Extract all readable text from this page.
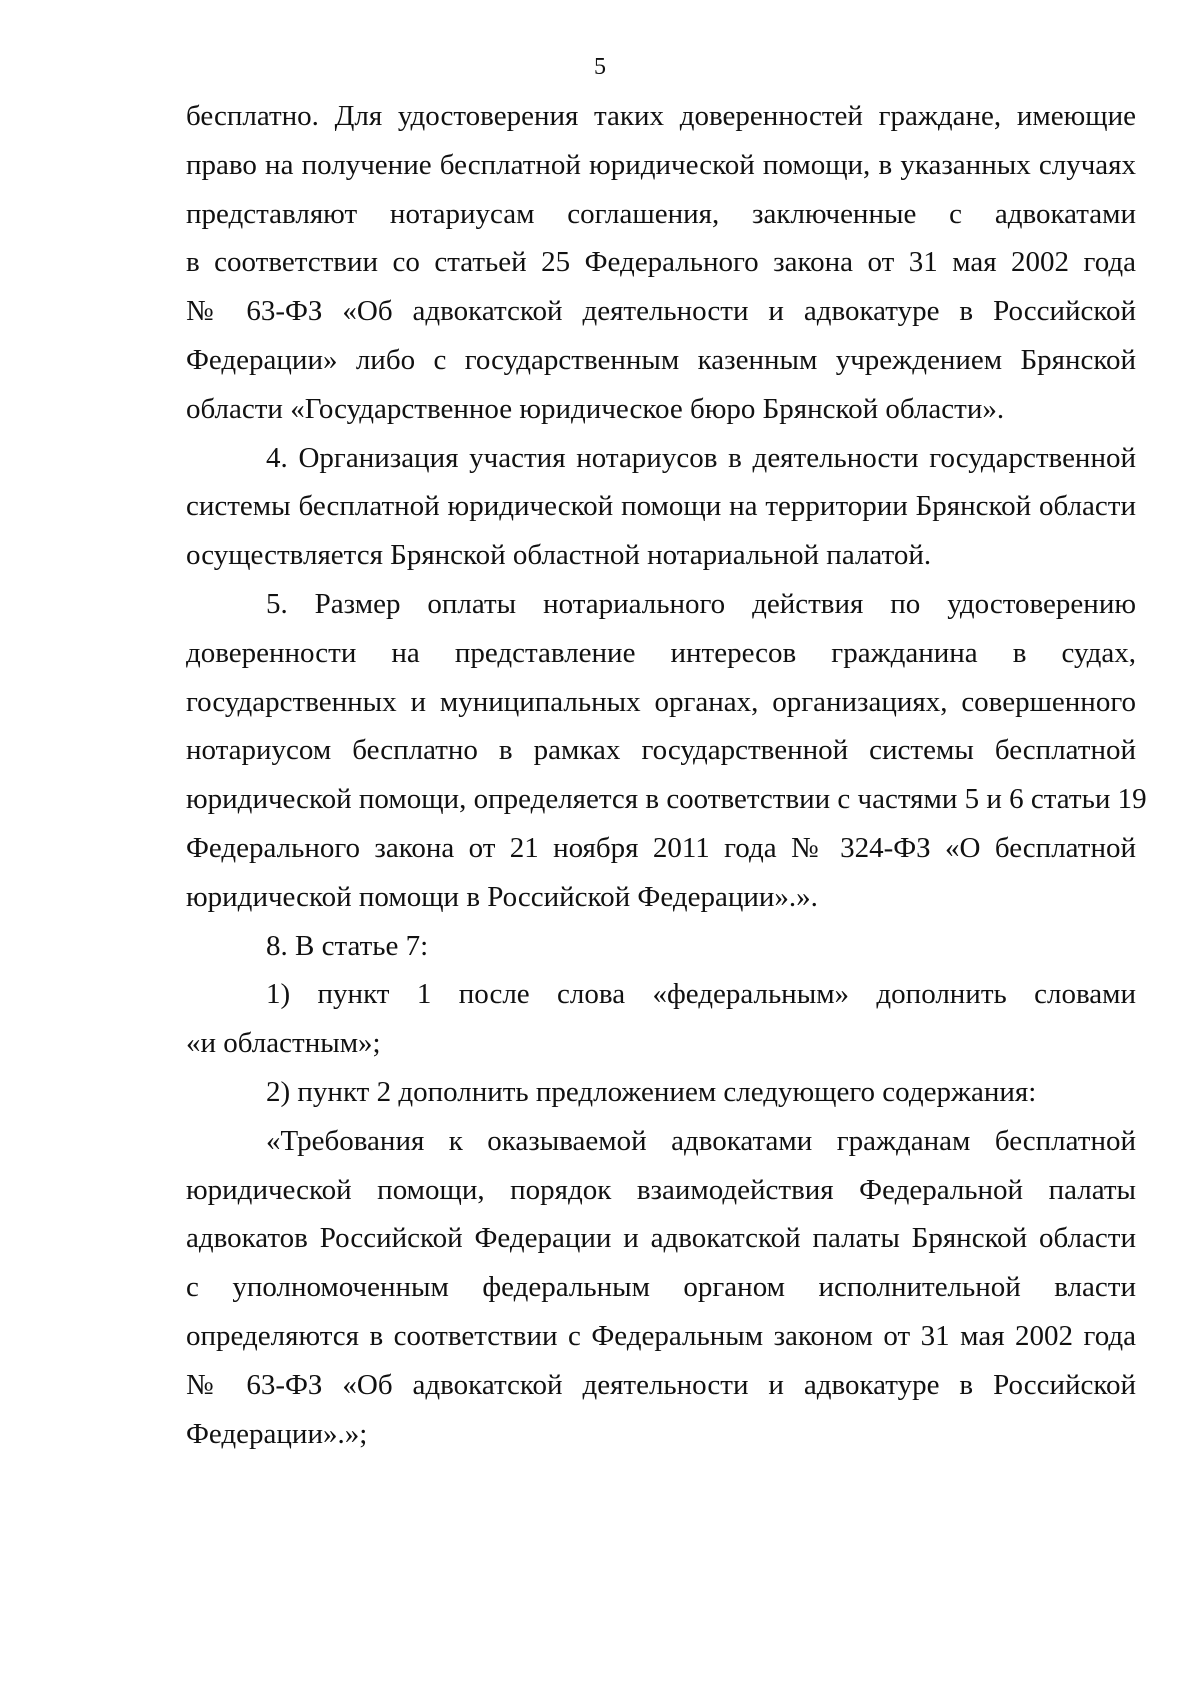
5
бесплатно. Для удостоверения таких доверенностей граждане, имеющие
право на получение бесплатной юридической помощи, в указанных случаях
представляют нотариусам соглашения, заключенные с адвокатами
в соответствии со статьей 25 Федерального закона от 31 мая 2002 года
№ 63-ФЗ «Об адвокатской деятельности и адвокатуре в Российской
Федерации» либо с государственным казенным учреждением Брянской
области «Государственное юридическое бюро Брянской области».
4. Организация участия нотариусов в деятельности государственной
системы бесплатной юридической помощи на территории Брянской области
осуществляется Брянской областной нотариальной палатой.
5. Размер оплаты нотариального действия по удостоверению
доверенности на представление интересов гражданина в судах,
государственных и муниципальных органах, организациях, совершенного
нотариусом бесплатно в рамках государственной системы бесплатной
юридической помощи, определяется в соответствии с частями 5 и 6 статьи 19
Федерального закона от 21 ноября 2011 года № 324-ФЗ «О бесплатной
юридической помощи в Российской Федерации».».
8. В статье 7:
1) пункт 1 после слова «федеральным» дополнить словами
«и областным»;
2) пункт 2 дополнить предложением следующего содержания:
«Требования к оказываемой адвокатами гражданам бесплатной
юридической помощи, порядок взаимодействия Федеральной палаты
адвокатов Российской Федерации и адвокатской палаты Брянской области
с уполномоченным федеральным органом исполнительной власти
определяются в соответствии с Федеральным законом от 31 мая 2002 года
№ 63-ФЗ «Об адвокатской деятельности и адвокатуре в Российской
Федерации».»;
